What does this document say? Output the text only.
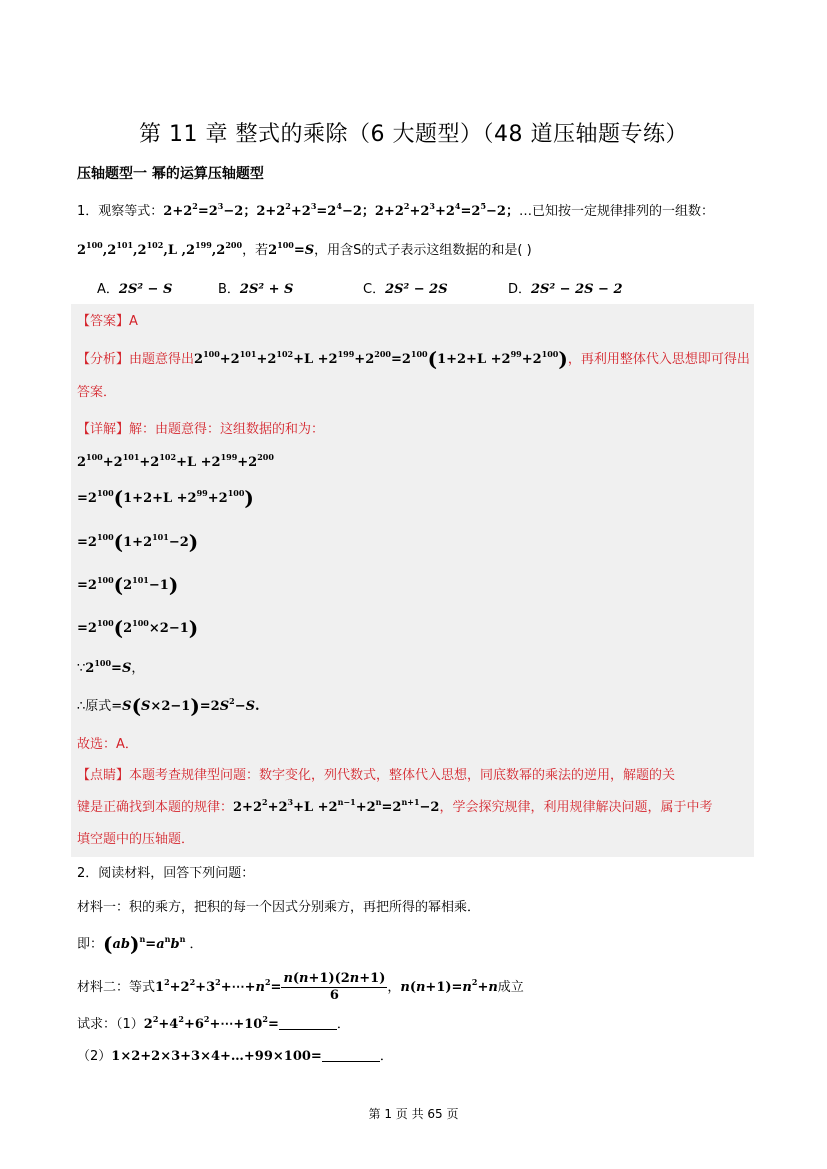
第 11 章 整式的乘除（6 大题型）（48 道压轴题专练）
压轴题型一 幂的运算压轴题型
1．观察等式：$2+2^2=2^3-2$；$2+2^2+2^3=2^4-2$；$2+2^2+2^3+2^4=2^5-2$；…已知按一定规律排列的一组数：
$2^{100},2^{101},2^{102},L$ $,2^{199},2^{200}$，若$2^{100}=S$，用含S的式子表示这组数据的和是( )
A．2S² − S	B．2S² + S	C．2S² − 2S	D．2S² − 2S − 2
【答案】A
【分析】由题意得出$2^{100}+2^{101}+2^{102}+L +2^{199}+2^{200}=2^{100}(1+2+L +2^{99}+2^{100})$，再利用整体代入思想即可得出
答案．
【详解】解：由题意得：这组数据的和为：
$2^{100}+2^{101}+2^{102}+L +2^{199}+2^{200}$
$=2^{100}(1+2+L +2^{99}+2^{100})$
$=2^{100}(1+2^{101}-2)$
$=2^{100}(2^{101}-1)$
$=2^{100}(2^{100}\times 2-1)$
$\because 2^{100}=S$，
∴原式$=S(S\times 2-1)=2S^2-S$.
故选：A．
【点睛】本题考查规律型问题：数字变化，列代数式，整体代入思想，同底数幂的乘法的逆用，解题的关
键是正确找到本题的规律：$2+2^2+2^3+L +2^{n-1}+2^n=2^{n+1}-2$，学会探究规律，利用规律解决问题，属于中考
填空题中的压轴题．
2．阅读材料，回答下列问题：
材料一：积的乘方，把积的每一个因式分别乘方，再把所得的幂相乘．
即：$(ab)^n=a^nb^n$ ．
材料二：等式$1^2+2^2+3^2+\cdots+n^2= \frac{n(n+1)(2n+1)}{6}$ ，$n(n+1)=n^2+n$成立
试求：$(1)2^2+4^2+6^2+\cdots+10^2=$	．
（2）1×2+2×3+3×4+…+99×100=	．
第 1 页 共 65 页
